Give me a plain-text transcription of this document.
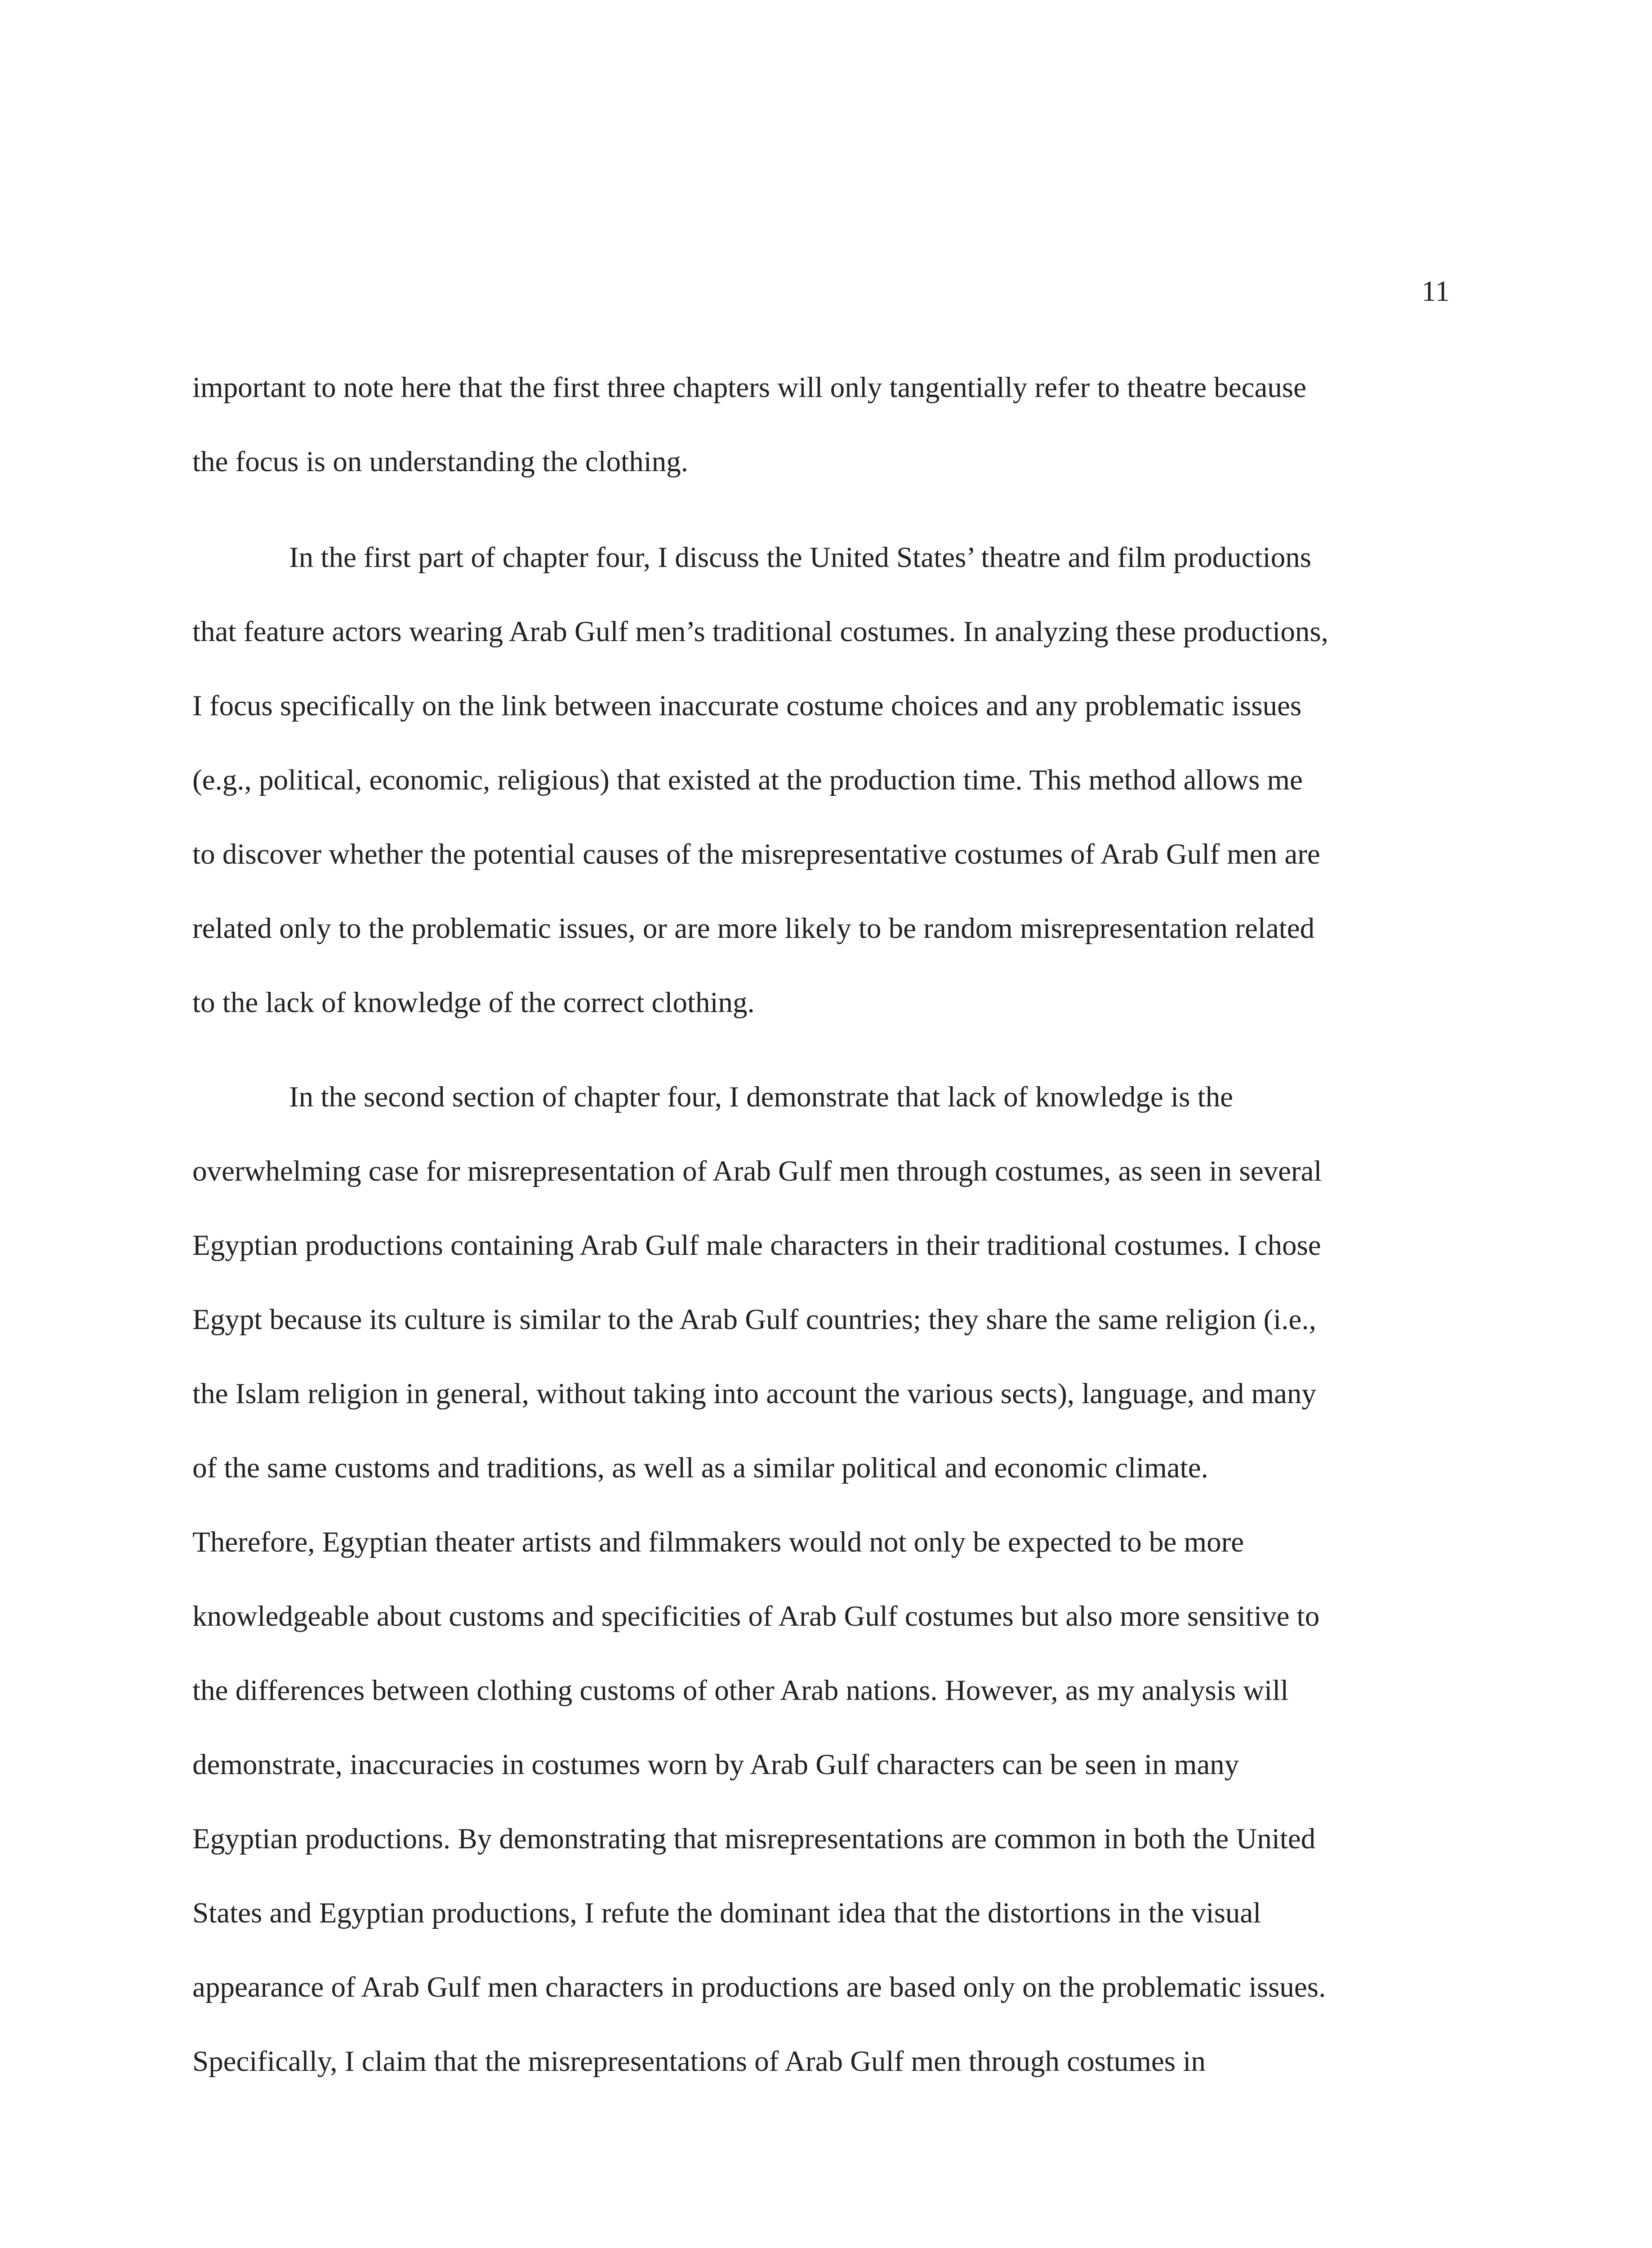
11
important to note here that the first three chapters will only tangentially refer to theatre because
the focus is on understanding the clothing.
In the first part of chapter four, I discuss the United States’ theatre and film productions
that feature actors wearing Arab Gulf men’s traditional costumes. In analyzing these productions,
I focus specifically on the link between inaccurate costume choices and any problematic issues
(e.g., political, economic, religious) that existed at the production time. This method allows me
to discover whether the potential causes of the misrepresentative costumes of Arab Gulf men are
related only to the problematic issues, or are more likely to be random misrepresentation related
to the lack of knowledge of the correct clothing.
In the second section of chapter four, I demonstrate that lack of knowledge is the
overwhelming case for misrepresentation of Arab Gulf men through costumes, as seen in several
Egyptian productions containing Arab Gulf male characters in their traditional costumes. I chose
Egypt because its culture is similar to the Arab Gulf countries; they share the same religion (i.e.,
the Islam religion in general, without taking into account the various sects), language, and many
of the same customs and traditions, as well as a similar political and economic climate.
Therefore, Egyptian theater artists and filmmakers would not only be expected to be more
knowledgeable about customs and specificities of Arab Gulf costumes but also more sensitive to
the differences between clothing customs of other Arab nations. However, as my analysis will
demonstrate, inaccuracies in costumes worn by Arab Gulf characters can be seen in many
Egyptian productions. By demonstrating that misrepresentations are common in both the United
States and Egyptian productions, I refute the dominant idea that the distortions in the visual
appearance of Arab Gulf men characters in productions are based only on the problematic issues.
Specifically, I claim that the misrepresentations of Arab Gulf men through costumes in
